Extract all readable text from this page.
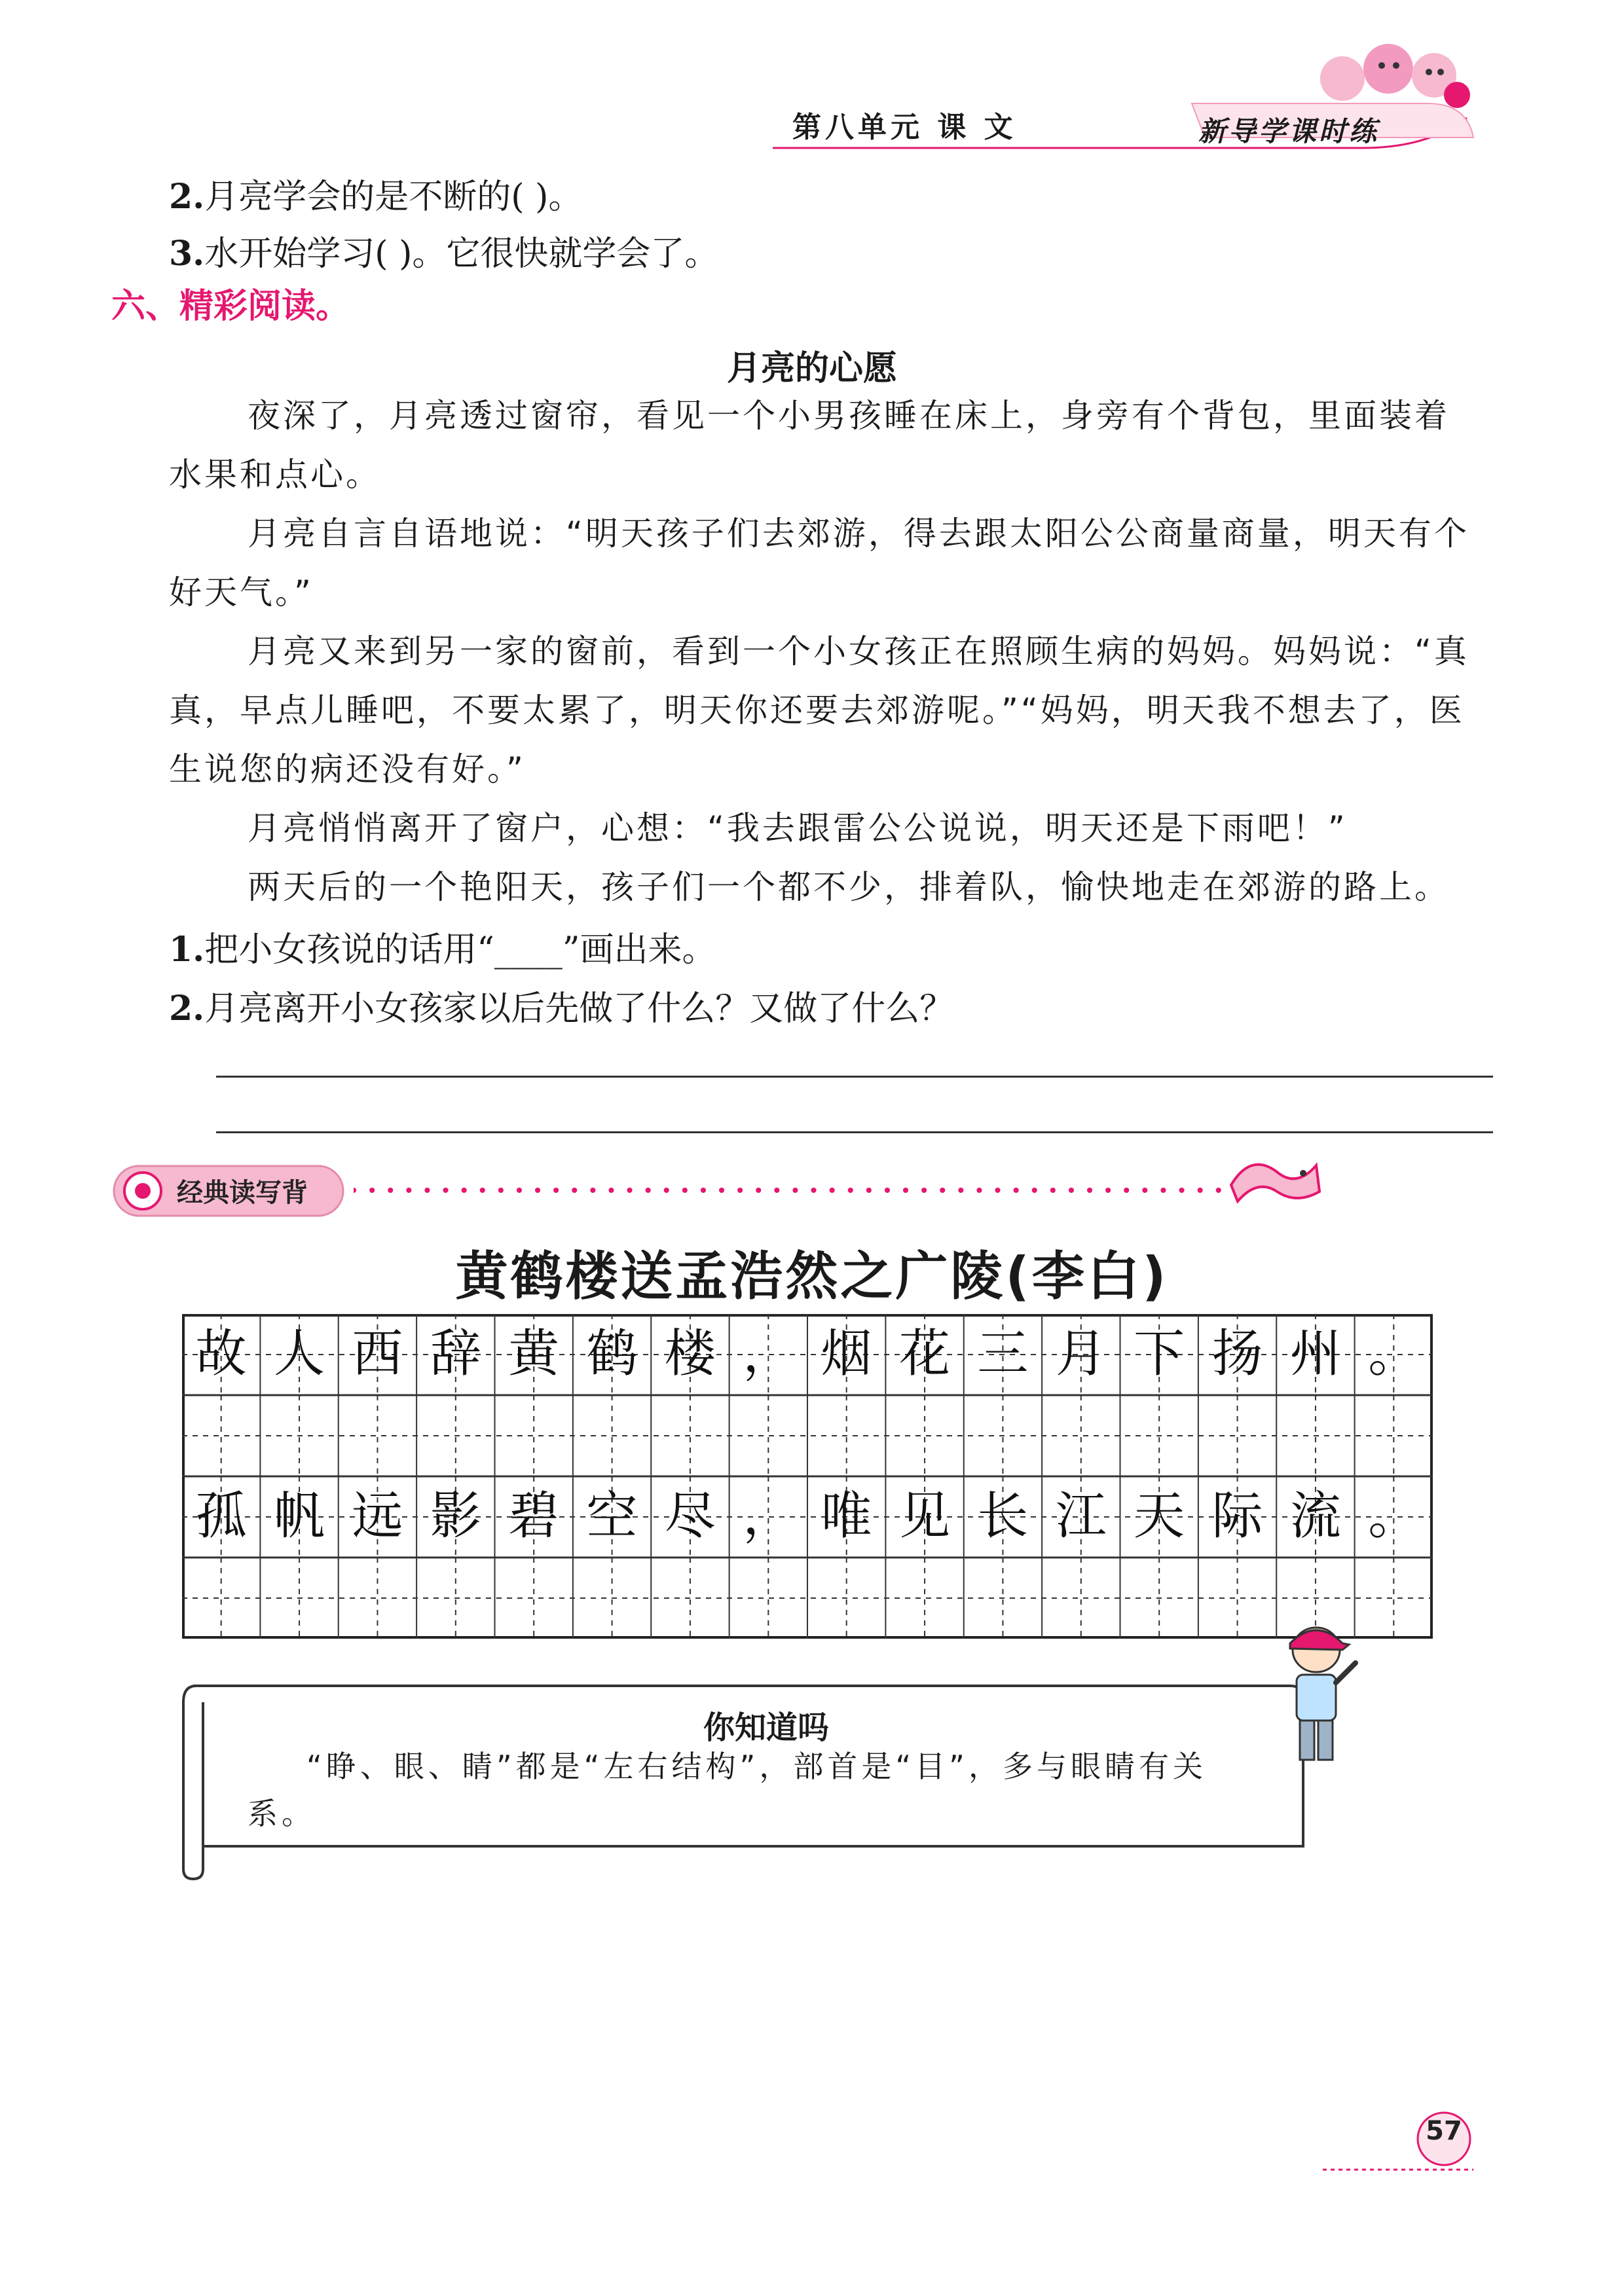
第八单元 课 文	新导学课时练
2.月亮学会的是不断的( )。
3.水开始学习( )。它很快就学会了。
六、精彩阅读。
月亮的心愿

夜深了，月亮透过窗帘，看见一个小男孩睡在床上，身旁有个背包，里面装着水果和点心。

月亮自言自语地说：“明天孩子们去郊游，得去跟太阳公公商量商量，明天有个好天气。”

月亮又来到另一家的窗前，看到一个小女孩正在照顾生病的妈妈。妈妈说：“真真，早点儿睡吧，不要太累了，明天你还要去郊游呢。”“妈妈，明天我不想去了，医生说您的病还没有好。”

月亮悄悄离开了窗户，心想：“我去跟雷公公说说，明天还是下雨吧！”

两天后的一个艳阳天，孩子们一个都不少，排着队，愉快地走在郊游的路上。

1.把小女孩说的话用“____”画出来。
2.月亮离开小女孩家以后先做了什么？又做了什么？
经典读写背
黄鹤楼送孟浩然之广陵(李白)
故 人 西 辞 黄 鹤 楼 ， 烟 花 三 月 下 扬 州 。
孤 帆 远 影 碧 空 尽 ， 唯 见 长 江 天 际 流 。
你知道吗
“睁、眼、睛”都是“左右结构”，部首是“目”，多与眼睛有关系。
57
